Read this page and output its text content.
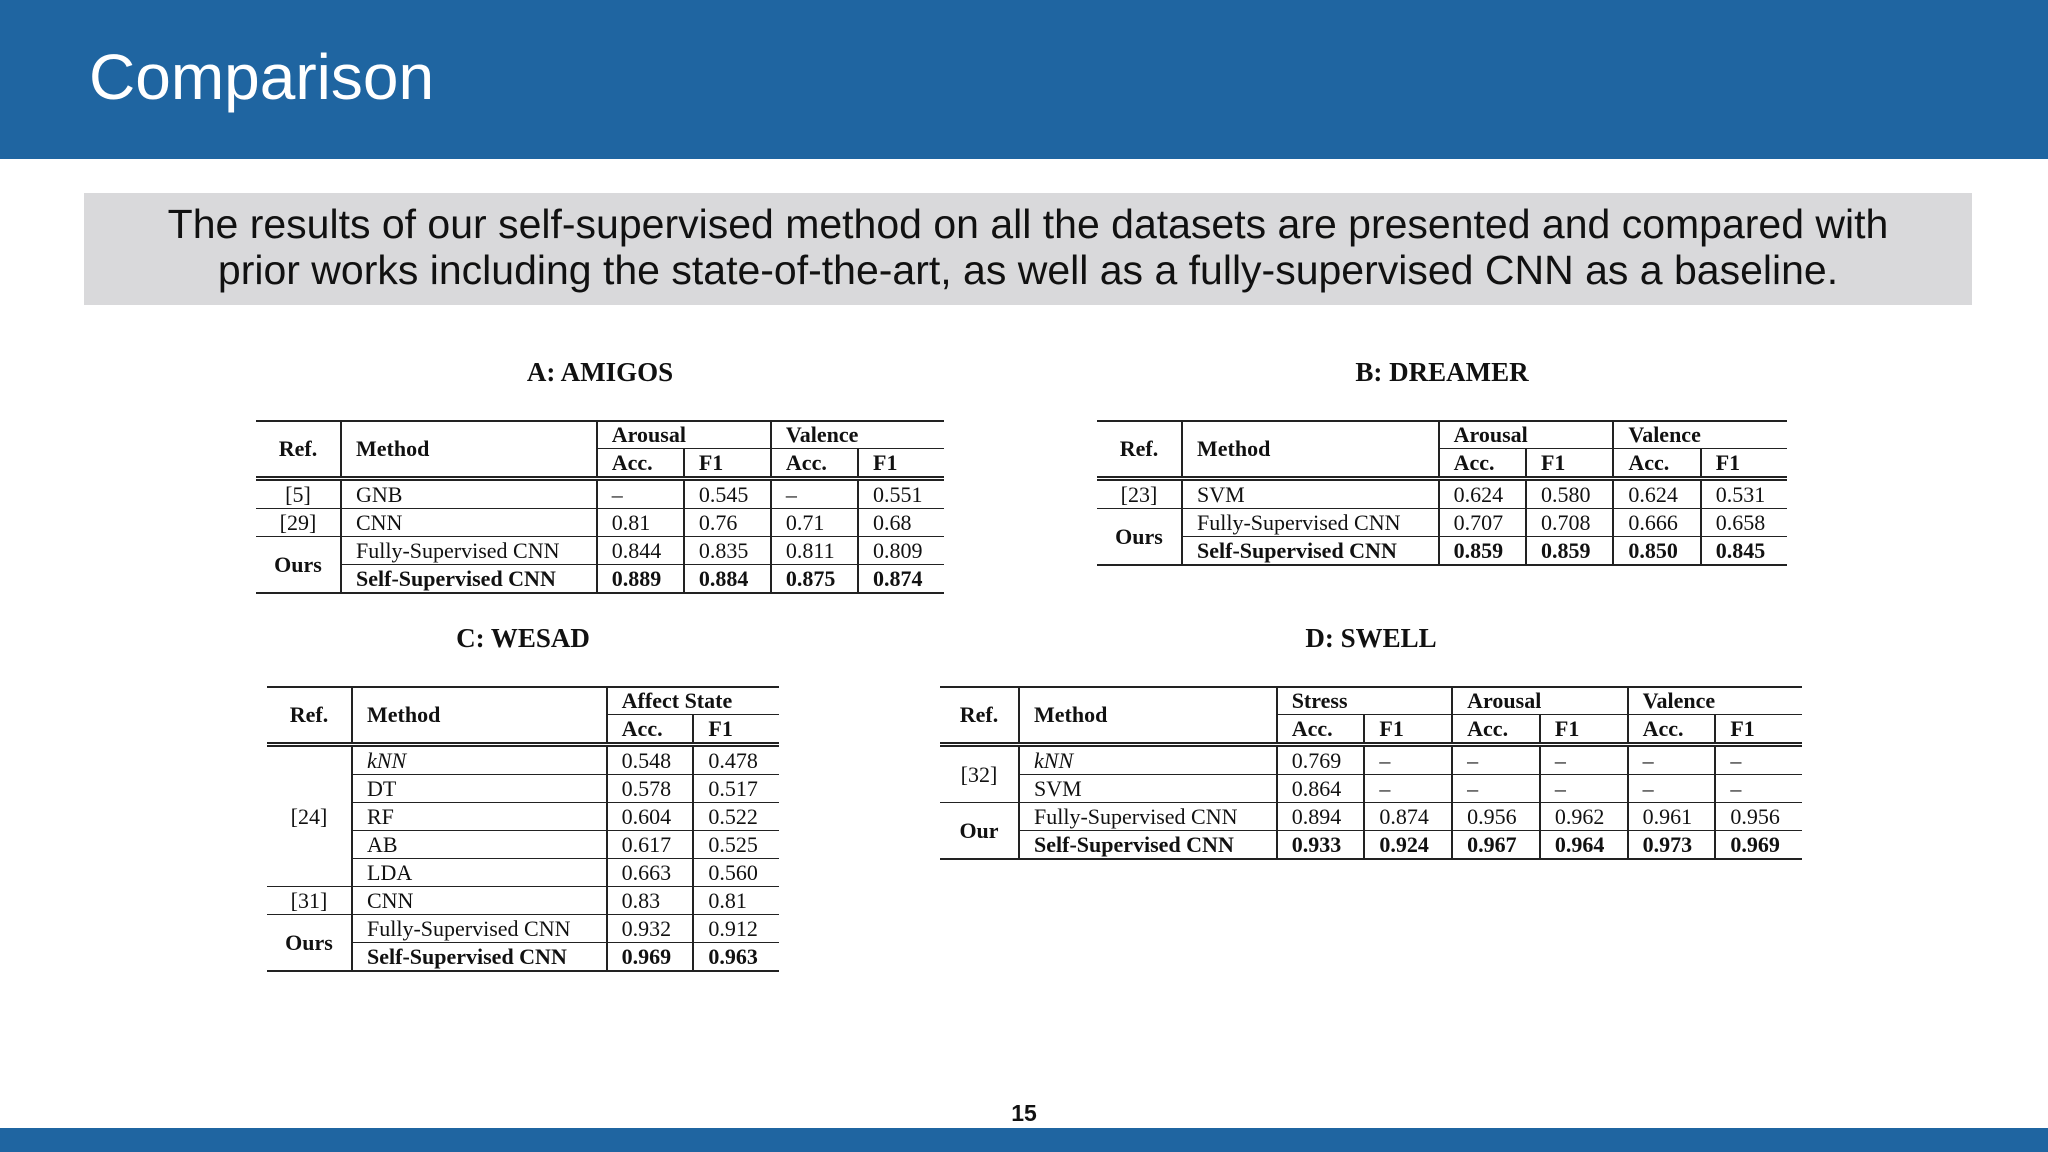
Comparison
The results of our self-supervised method on all the datasets are presented and compared with
prior works including the state-of-the-art, as well as a fully-supervised CNN as a baseline.
A: AMIGOS
Ref.	Method	Arousal		Valence	
		Acc.	F1	Acc.	F1
[5]	GNB	–	0.545	–	0.551
[29]	CNN	0.81	0.76	0.71	0.68
Ours	Fully-Supervised CNN	0.844	0.835	0.811	0.809
	Self-Supervised CNN	0.889	0.884	0.875	0.874
B: DREAMER
Ref.	Method	Arousal		Valence	
		Acc.	F1	Acc.	F1
[23]	SVM	0.624	0.580	0.624	0.531
Ours	Fully-Supervised CNN	0.707	0.708	0.666	0.658
	Self-Supervised CNN	0.859	0.859	0.850	0.845
C: WESAD
Ref.	Method	Affect State	
		Acc.	F1
[24]	kNN	0.548	0.478
	DT	0.578	0.517
	RF	0.604	0.522
	AB	0.617	0.525
	LDA	0.663	0.560
[31]	CNN	0.83	0.81
Ours	Fully-Supervised CNN	0.932	0.912
	Self-Supervised CNN	0.969	0.963
D: SWELL
Ref.	Method	Stress		Arousal		Valence	
		Acc.	F1	Acc.	F1	Acc.	F1
[32]	kNN	0.769	–	–	–	–	–
	SVM	0.864	–	–	–	–	–
Our	Fully-Supervised CNN	0.894	0.874	0.956	0.962	0.961	0.956
	Self-Supervised CNN	0.933	0.924	0.967	0.964	0.973	0.969
15
